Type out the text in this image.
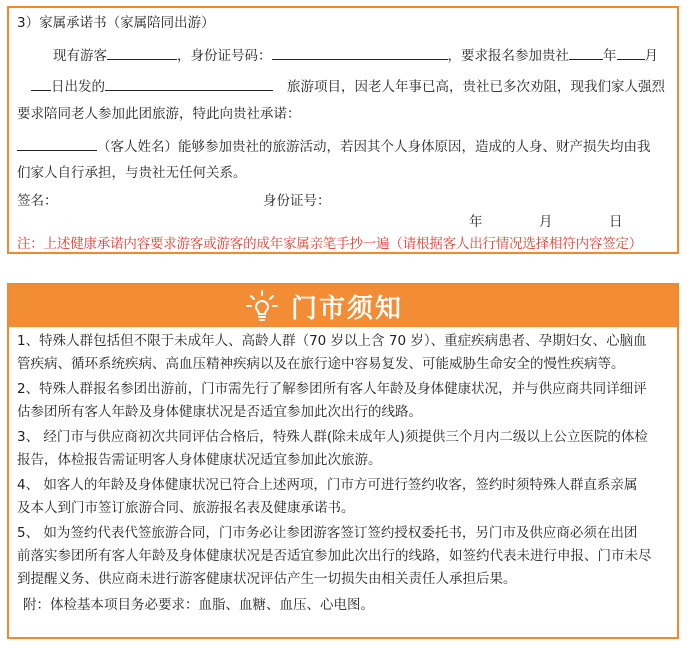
3）家属承诺书（家属陪同出游）
现有游客	，身份证号码：	，要求报名参加贵社	年 月
日出发的	旅游项目，因老人年事已高，贵社已多次劝阻，现我们家人强烈
要求陪同老人参加此团旅游，特此向贵社承诺：
（客人姓名）能够参加贵社的旅游活动，若因其个人身体原因，造成的人身、财产损失均由我
们家人自行承担，与贵社无任何关系。
签名：	身份证号：
年	月	日
注：上述健康承诺内容要求游客或游客的成年家属亲笔手抄一遍（请根据客人出行情况选择相符内容签定）
门市须知
1、特殊人群包括但不限于未成年人、高龄人群（70 岁以上含 70 岁）、重症疾病患者、孕期妇女、心脑血
管疾病、循环系统疾病、高血压精神疾病以及在旅行途中容易复发、可能威胁生命安全的慢性疾病等。
2、特殊人群报名参团出游前，门市需先行了解参团所有客人年龄及身体健康状况，并与供应商共同详细评
估参团所有客人年龄及身体健康状况是否适宜参加此次出行的线路。
3、 经门市与供应商初次共同评估合格后，特殊人群(除未成年人)须提供三个月内二级以上公立医院的体检
报告，体检报告需证明客人身体健康状况适宜参加此次旅游。
4、 如客人的年龄及身体健康状况已符合上述两项，门市方可进行签约收客，签约时须特殊人群直系亲属
及本人到门市签订旅游合同、旅游报名表及健康承诺书。
5、 如为签约代表代签旅游合同，门市务必让参团游客签订签约授权委托书，另门市及供应商必须在出团
前落实参团所有客人年龄及身体健康状况是否适宜参加此次出行的线路，如签约代表未进行申报、门市未尽
到提醒义务、供应商未进行游客健康状况评估产生一切损失由相关责任人承担后果。
附：体检基本项目务必要求：血脂、血糖、血压、心电图。
